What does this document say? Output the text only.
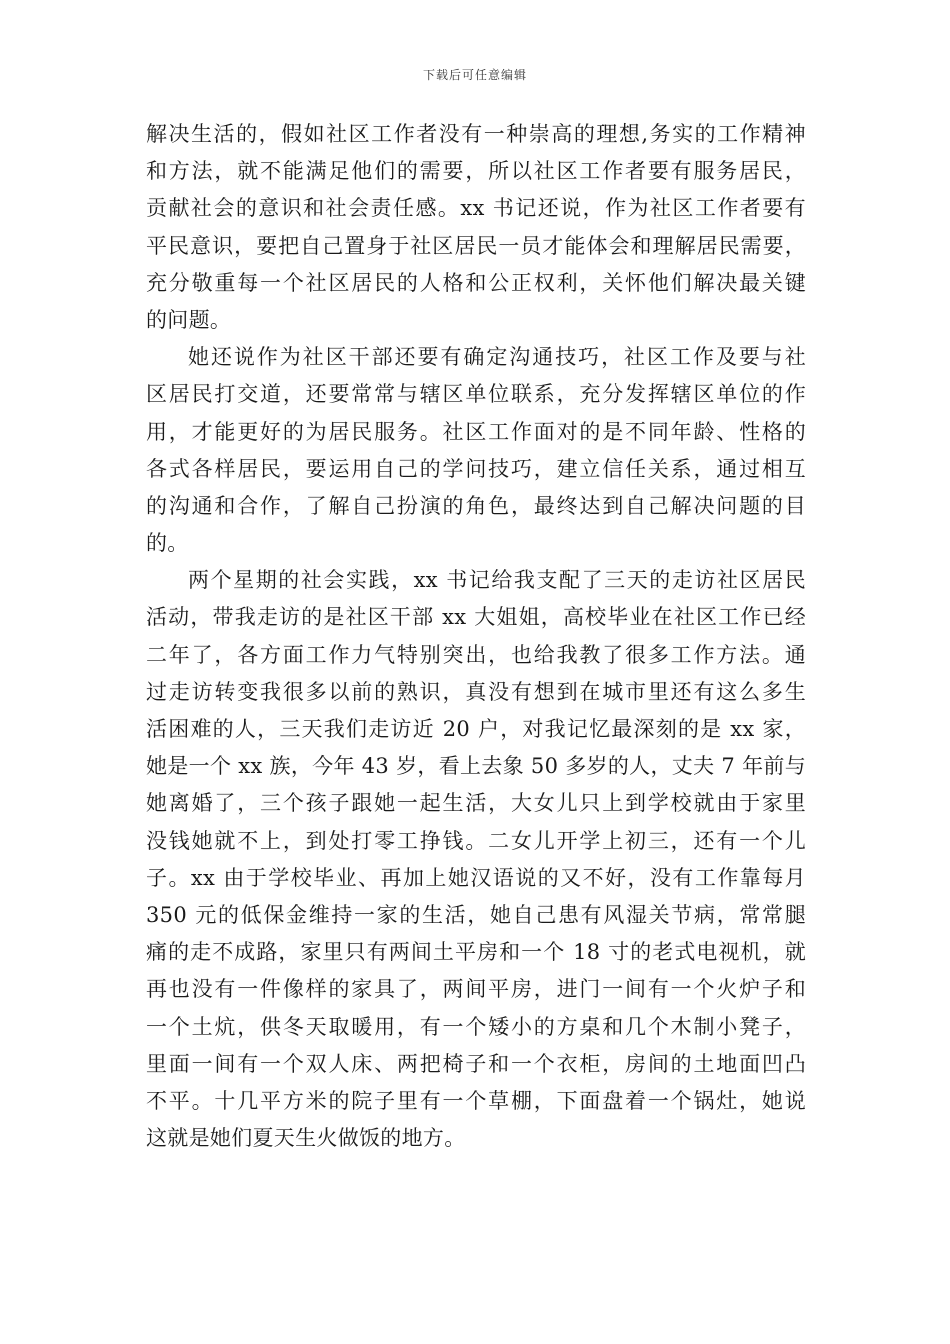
下载后可任意编辑
解决生活的，假如社区工作者没有一种崇高的理想,务实的工作精神
和方法，就不能满足他们的需要，所以社区工作者要有服务居民，
贡献社会的意识和社会责任感。xx 书记还说，作为社区工作者要有
平民意识，要把自己置身于社区居民一员才能体会和理解居民需要，
充分敬重每一个社区居民的人格和公正权利，关怀他们解决最关键
的问题。
她还说作为社区干部还要有确定沟通技巧，社区工作及要与社
区居民打交道，还要常常与辖区单位联系，充分发挥辖区单位的作
用，才能更好的为居民服务。社区工作面对的是不同年龄、性格的
各式各样居民，要运用自己的学问技巧，建立信任关系，通过相互
的沟通和合作，了解自己扮演的角色，最终达到自己解决问题的目
的。
两个星期的社会实践，xx 书记给我支配了三天的走访社区居民
活动，带我走访的是社区干部 xx 大姐姐，高校毕业在社区工作已经
二年了，各方面工作力气特别突出，也给我教了很多工作方法。通
过走访转变我很多以前的熟识，真没有想到在城市里还有这么多生
活困难的人，三天我们走访近 20 户，对我记忆最深刻的是 xx 家，
她是一个 xx 族，今年 43 岁，看上去象 50 多岁的人，丈夫 7 年前与
她离婚了，三个孩子跟她一起生活，大女儿只上到学校就由于家里
没钱她就不上，到处打零工挣钱。二女儿开学上初三，还有一个儿
子。xx 由于学校毕业、再加上她汉语说的又不好，没有工作靠每月
350 元的低保金维持一家的生活，她自己患有风湿关节病，常常腿
痛的走不成路，家里只有两间土平房和一个 18 寸的老式电视机，就
再也没有一件像样的家具了，两间平房，进门一间有一个火炉子和
一个土炕，供冬天取暖用，有一个矮小的方桌和几个木制小凳子，
里面一间有一个双人床、两把椅子和一个衣柜，房间的土地面凹凸
不平。十几平方米的院子里有一个草棚，下面盘着一个锅灶，她说
这就是她们夏天生火做饭的地方。
